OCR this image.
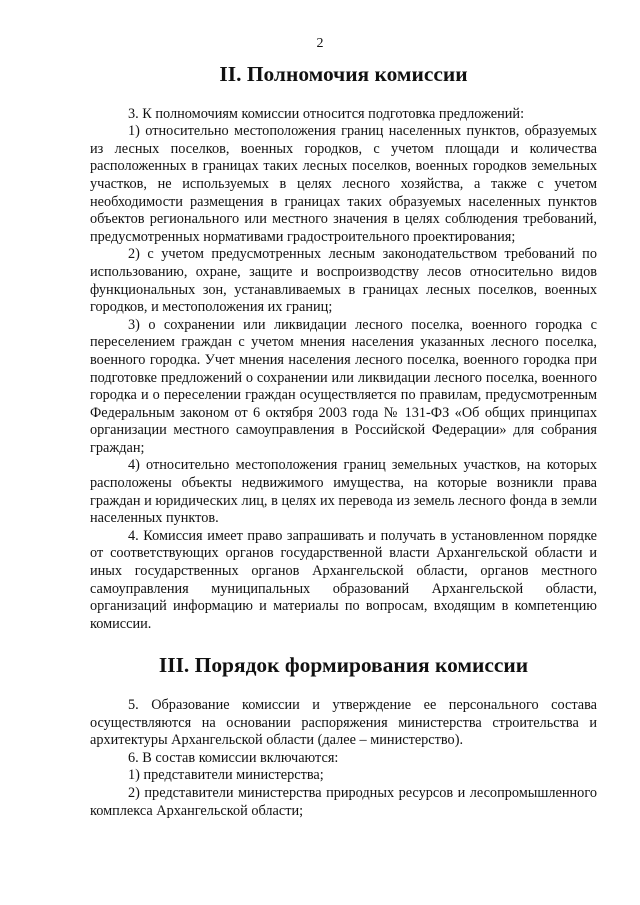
2
II. Полномочия комиссии

3. К полномочиям комиссии относится подготовка предложений:

1) относительно местоположения границ населенных пунктов, образуемых из лесных поселков, военных городков, с учетом площади и количества расположенных в границах таких лесных поселков, военных городков земельных участков, не используемых в целях лесного хозяйства, а также с учетом необходимости размещения в границах таких образуемых населенных пунктов объектов регионального или местного значения в целях соблюдения требований, предусмотренных нормативами градостроительного проектирования;

2) с учетом предусмотренных лесным законодательством требований по использованию, охране, защите и воспроизводству лесов относительно видов функциональных зон, устанавливаемых в границах лесных поселков, военных городков, и местоположения их границ;

3) о сохранении или ликвидации лесного поселка, военного городка с переселением граждан с учетом мнения населения указанных лесного поселка, военного городка. Учет мнения населения лесного поселка, военного городка при подготовке предложений о сохранении или ликвидации лесного поселка, военного городка и о переселении граждан осуществляется по правилам, предусмотренным Федеральным законом от 6 октября 2003 года № 131-ФЗ «Об общих принципах организации местного самоуправления в Российской Федерации» для собрания граждан;

4) относительно местоположения границ земельных участков, на которых расположены объекты недвижимого имущества, на которые возникли права граждан и юридических лиц, в целях их перевода из земель лесного фонда в земли населенных пунктов.

4. Комиссия имеет право запрашивать и получать в установленном порядке от соответствующих органов государственной власти Архангельской области и иных государственных органов Архангельской области, органов местного самоуправления муниципальных образований Архангельской области, организаций информацию и материалы по вопросам, входящим в компетенцию комиссии.

III. Порядок формирования комиссии

5. Образование комиссии и утверждение ее персонального состава осуществляются на основании распоряжения министерства строительства и архитектуры Архангельской области (далее – министерство).

6. В состав комиссии включаются:

1) представители министерства;

2) представители министерства природных ресурсов и лесопромышленного комплекса Архангельской области;
